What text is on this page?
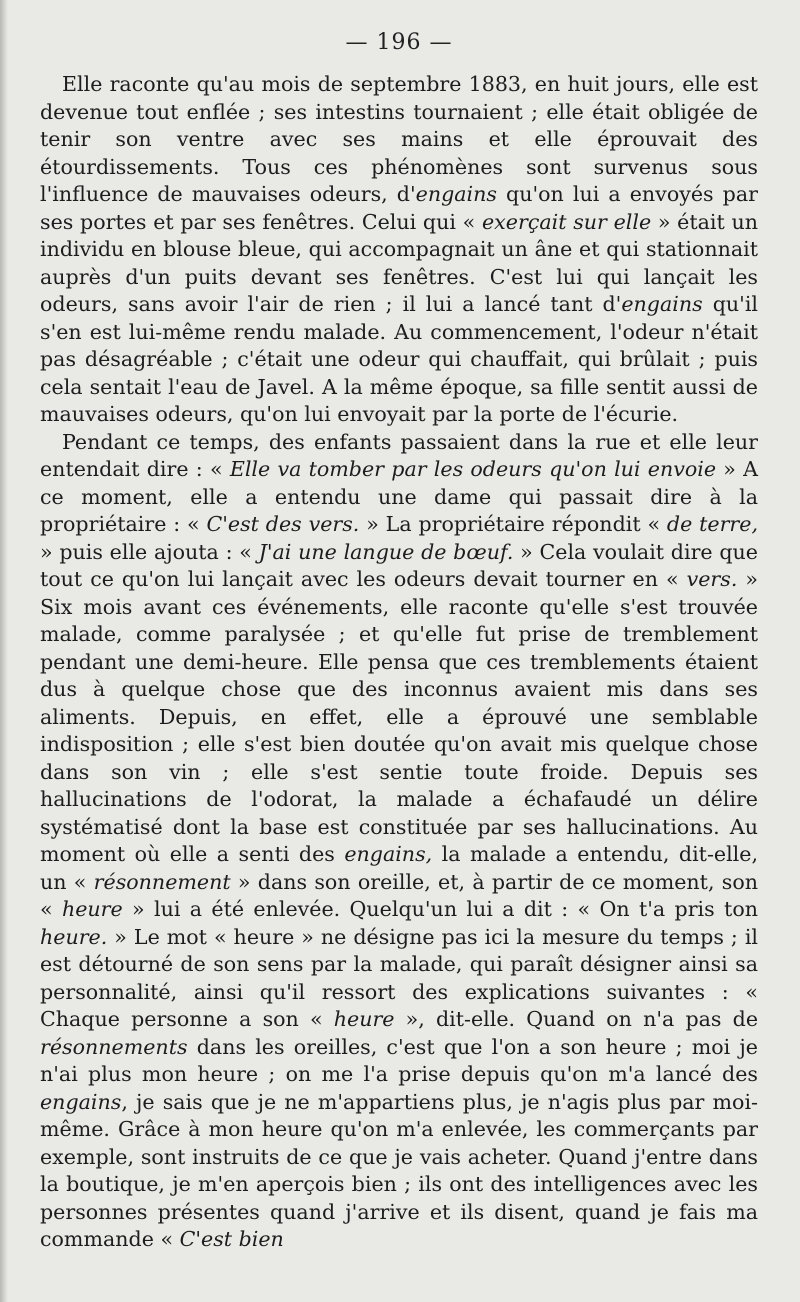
— 196 —

Elle raconte qu'au mois de septembre 1883, en huit jours, elle est devenue tout enflée ; ses intestins tournaient ; elle était obligée de tenir son ventre avec ses mains et elle éprouvait des étourdissements. Tous ces phénomènes sont survenus sous l'influence de mauvaises odeurs, d'engains qu'on lui a envoyés par ses portes et par ses fenêtres. Celui qui « exerçait sur elle » était un individu en blouse bleue, qui accompagnait un âne et qui stationnait auprès d'un puits devant ses fenêtres. C'est lui qui lançait les odeurs, sans avoir l'air de rien ; il lui a lancé tant d'engains qu'il s'en est lui-même rendu malade. Au commencement, l'odeur n'était pas désagréable ; c'était une odeur qui chauffait, qui brûlait ; puis cela sentait l'eau de Javel. A la même époque, sa fille sentit aussi de mauvaises odeurs, qu'on lui envoyait par la porte de l'écurie.

Pendant ce temps, des enfants passaient dans la rue et elle leur entendait dire : « Elle va tomber par les odeurs qu'on lui envoie » A ce moment, elle a entendu une dame qui passait dire à la propriétaire : « C'est des vers. » La propriétaire répondit « de terre, » puis elle ajouta : « J'ai une langue de bœuf. » Cela voulait dire que tout ce qu'on lui lançait avec les odeurs devait tourner en « vers. » Six mois avant ces événements, elle raconte qu'elle s'est trouvée malade, comme paralysée ; et qu'elle fut prise de tremblement pendant une demi-heure. Elle pensa que ces tremblements étaient dus à quelque chose que des inconnus avaient mis dans ses aliments. Depuis, en effet, elle a éprouvé une semblable indisposition ; elle s'est bien doutée qu'on avait mis quelque chose dans son vin ; elle s'est sentie toute froide. Depuis ses hallucinations de l'odorat, la malade a échafaudé un délire systématisé dont la base est constituée par ses hallucinations. Au moment où elle a senti des engains, la malade a entendu, dit-elle, un « résonnement » dans son oreille, et, à partir de ce moment, son « heure » lui a été enlevée. Quelqu'un lui a dit : « On t'a pris ton heure. » Le mot « heure » ne désigne pas ici la mesure du temps ; il est détourné de son sens par la malade, qui paraît désigner ainsi sa personnalité, ainsi qu'il ressort des explications suivantes : « Chaque personne a son « heure », dit-elle. Quand on n'a pas de résonnements dans les oreilles, c'est que l'on a son heure ; moi je n'ai plus mon heure ; on me l'a prise depuis qu'on m'a lancé des engains, je sais que je ne m'appartiens plus, je n'agis plus par moi-même. Grâce à mon heure qu'on m'a enlevée, les commerçants par exemple, sont instruits de ce que je vais acheter. Quand j'entre dans la boutique, je m'en aperçois bien ; ils ont des intelligences avec les personnes présentes quand j'arrive et ils disent, quand je fais ma commande « C'est bien
